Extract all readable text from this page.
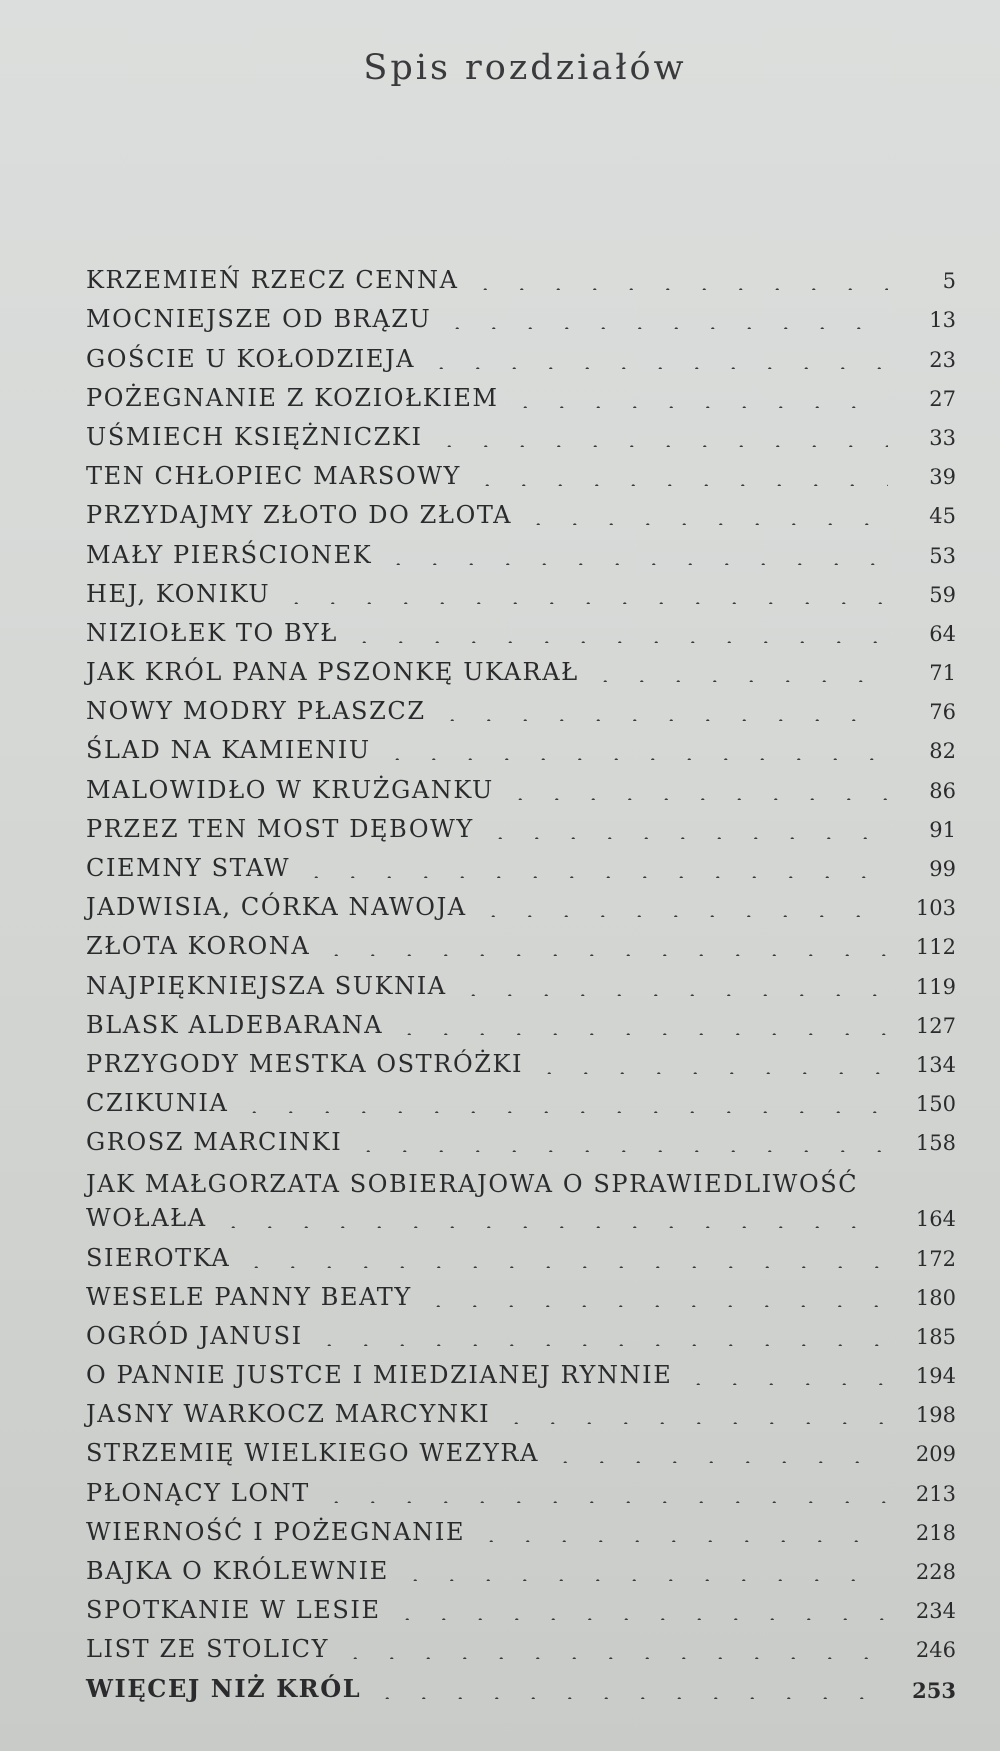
Spis rozdziałów
KRZEMIEŃ RZECZ CENNA	5
MOCNIEJSZE OD BRĄZU	13
GOŚCIE U KOŁODZIEJA	23
POŻEGNANIE Z KOZIOŁKIEM	27
UŚMIECH KSIĘŻNICZKI	33
TEN CHŁOPIEC MARSOWY	39
PRZYDAJMY ZŁOTO DO ZŁOTA	45
MAŁY PIERŚCIONEK	53
HEJ, KONIKU	59
NIZIOŁEK TO BYŁ	64
JAK KRÓL PANA PSZONKĘ UKARAŁ	71
NOWY MODRY PŁASZCZ	76
ŚLAD NA KAMIENIU	82
MALOWIDŁO W KRUŻGANKU	86
PRZEZ TEN MOST DĘBOWY	91
CIEMNY STAW	99
JADWISIA, CÓRKA NAWOJA	103
ZŁOTA KORONA	112
NAJPIĘKNIEJSZA SUKNIA	119
BLASK ALDEBARANA	127
PRZYGODY MESTKA OSTRÓŻKI	134
CZIKUNIA	150
GROSZ MARCINKI	158
JAK MAŁGORZATA SOBIERAJOWA O SPRAWIEDLIWOŚĆ
WOŁAŁA	164
SIEROTKA	172
WESELE PANNY BEATY	180
OGRÓD JANUSI	185
O PANNIE JUSTCE I MIEDZIANEJ RYNNIE	194
JASNY WARKOCZ MARCYNKI	198
STRZEMIĘ WIELKIEGO WEZYRA	209
PŁONĄCY LONT	213
WIERNOŚĆ I POŻEGNANIE	218
BAJKA O KRÓLEWNIE	228
SPOTKANIE W LESIE	234
LIST ZE STOLICY	246
WIĘCEJ NIŻ KRÓL	253
